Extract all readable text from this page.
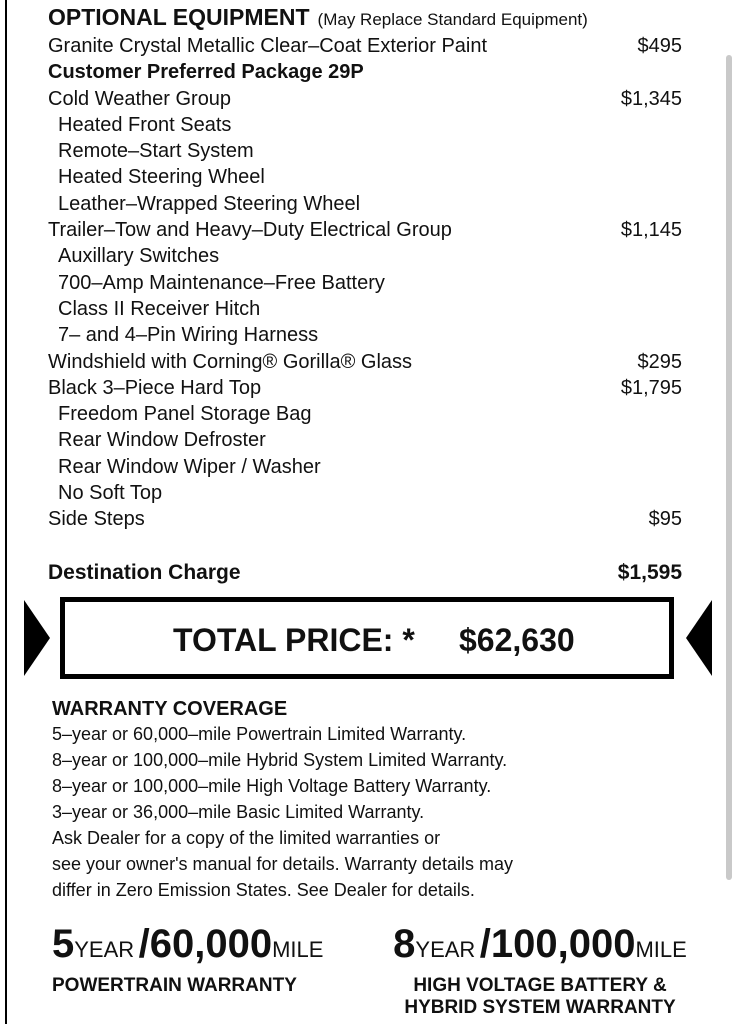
OPTIONAL EQUIPMENT (May Replace Standard Equipment)
Granite Crystal Metallic Clear–Coat Exterior Paint	$495
Customer Preferred Package 29P
Cold Weather Group	$1,345
Heated Front Seats
Remote–Start System
Heated Steering Wheel
Leather–Wrapped Steering Wheel
Trailer–Tow and Heavy–Duty Electrical Group	$1,145
Auxillary Switches
700–Amp Maintenance–Free Battery
Class II Receiver Hitch
7– and 4–Pin Wiring Harness
Windshield with Corning® Gorilla® Glass	$295
Black 3–Piece Hard Top	$1,795
Freedom Panel Storage Bag
Rear Window Defroster
Rear Window Wiper / Washer
No Soft Top
Side Steps	$95
Destination Charge	$1,595
TOTAL PRICE: * $62,630
WARRANTY COVERAGE
5–year or 60,000–mile Powertrain Limited Warranty.
8–year or 100,000–mile Hybrid System Limited Warranty.
8–year or 100,000–mile High Voltage Battery Warranty.
3–year or 36,000–mile Basic Limited Warranty.
Ask Dealer for a copy of the limited warranties or
see your owner's manual for details. Warranty details may
differ in Zero Emission States. See Dealer for details.
5YEAR /60,000MILE
POWERTRAIN WARRANTY
8YEAR /100,000MILE
HIGH VOLTAGE BATTERY &
HYBRID SYSTEM WARRANTY
